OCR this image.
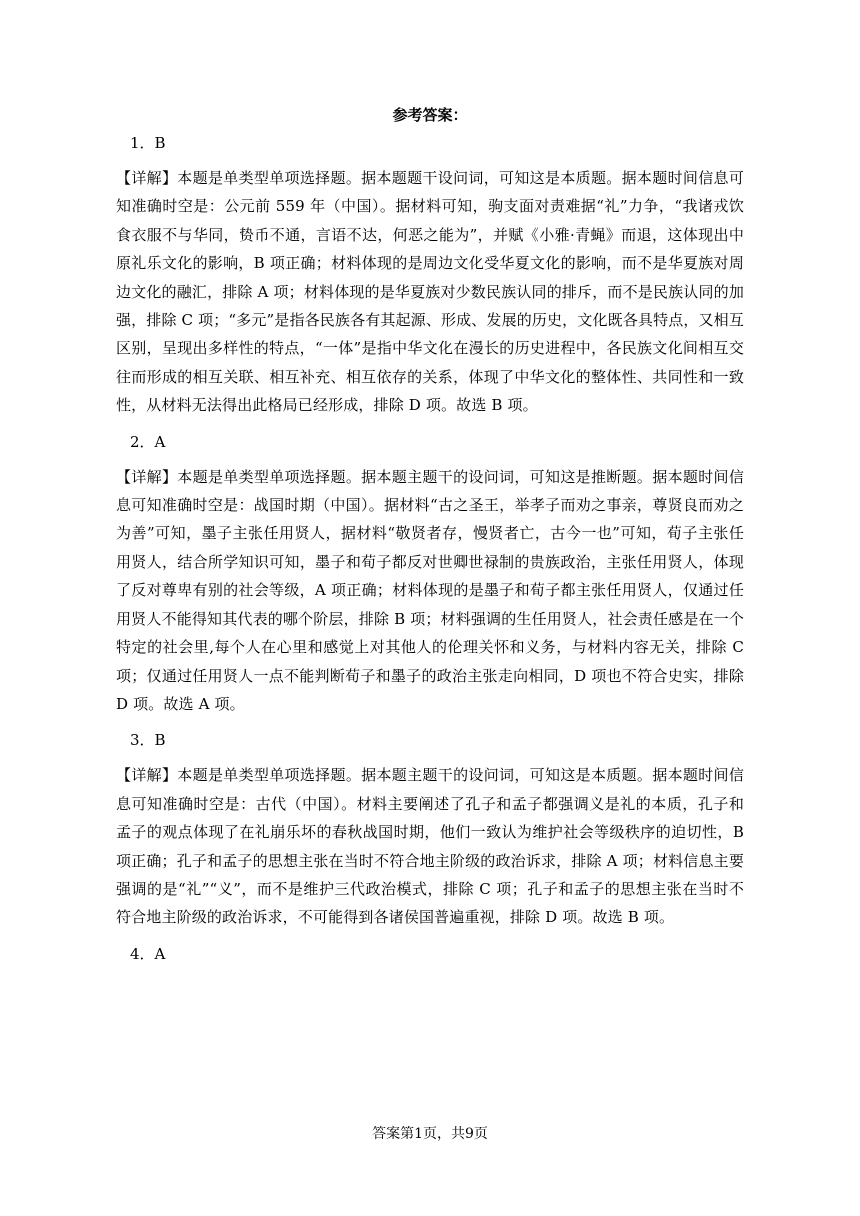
参考答案：
1．B

【详解】本题是单类型单项选择题。据本题题干设问词，可知这是本质题。据本题时间信息可知准确时空是：公元前 559 年（中国）。据材料可知，驹支面对责难据“礼”力争，“我诸戎饮食衣服不与华同，贽币不通，言语不达，何恶之能为”，并赋《小雅·青蝇》而退，这体现出中原礼乐文化的影响，B 项正确；材料体现的是周边文化受华夏文化的影响，而不是华夏族对周边文化的融汇，排除 A 项；材料体现的是华夏族对少数民族认同的排斥，而不是民族认同的加强，排除 C 项；“多元”是指各民族各有其起源、形成、发展的历史，文化既各具特点，又相互区别，呈现出多样性的特点，“一体”是指中华文化在漫长的历史进程中，各民族文化间相互交往而形成的相互关联、相互补充、相互依存的关系，体现了中华文化的整体性、共同性和一致性，从材料无法得出此格局已经形成，排除 D 项。故选 B 项。

2．A

【详解】本题是单类型单项选择题。据本题主题干的设问词，可知这是推断题。据本题时间信息可知准确时空是：战国时期（中国）。据材料“古之圣王，举孝子而劝之事亲，尊贤良而劝之为善”可知，墨子主张任用贤人，据材料“敬贤者存，慢贤者亡，古今一也”可知，荀子主张任用贤人，结合所学知识可知，墨子和荀子都反对世卿世禄制的贵族政治，主张任用贤人，体现了反对尊卑有别的社会等级，A 项正确；材料体现的是墨子和荀子都主张任用贤人，仅通过任用贤人不能得知其代表的哪个阶层，排除 B 项；材料强调的生任用贤人，社会责任感是在一个特定的社会里,每个人在心里和感觉上对其他人的伦理关怀和义务，与材料内容无关，排除 C 项；仅通过任用贤人一点不能判断荀子和墨子的政治主张走向相同，D 项也不符合史实，排除 D 项。故选 A 项。

3．B

【详解】本题是单类型单项选择题。据本题主题干的设问词，可知这是本质题。据本题时间信息可知准确时空是：古代（中国）。材料主要阐述了孔子和孟子都强调义是礼的本质，孔子和孟子的观点体现了在礼崩乐坏的春秋战国时期，他们一致认为维护社会等级秩序的迫切性，B 项正确；孔子和孟子的思想主张在当时不符合地主阶级的政治诉求，排除 A 项；材料信息主要强调的是“礼”“义”，而不是维护三代政治模式，排除 C 项；孔子和孟子的思想主张在当时不符合地主阶级的政治诉求，不可能得到各诸侯国普遍重视，排除 D 项。故选 B 项。

4．A
答案第1页，共9页
